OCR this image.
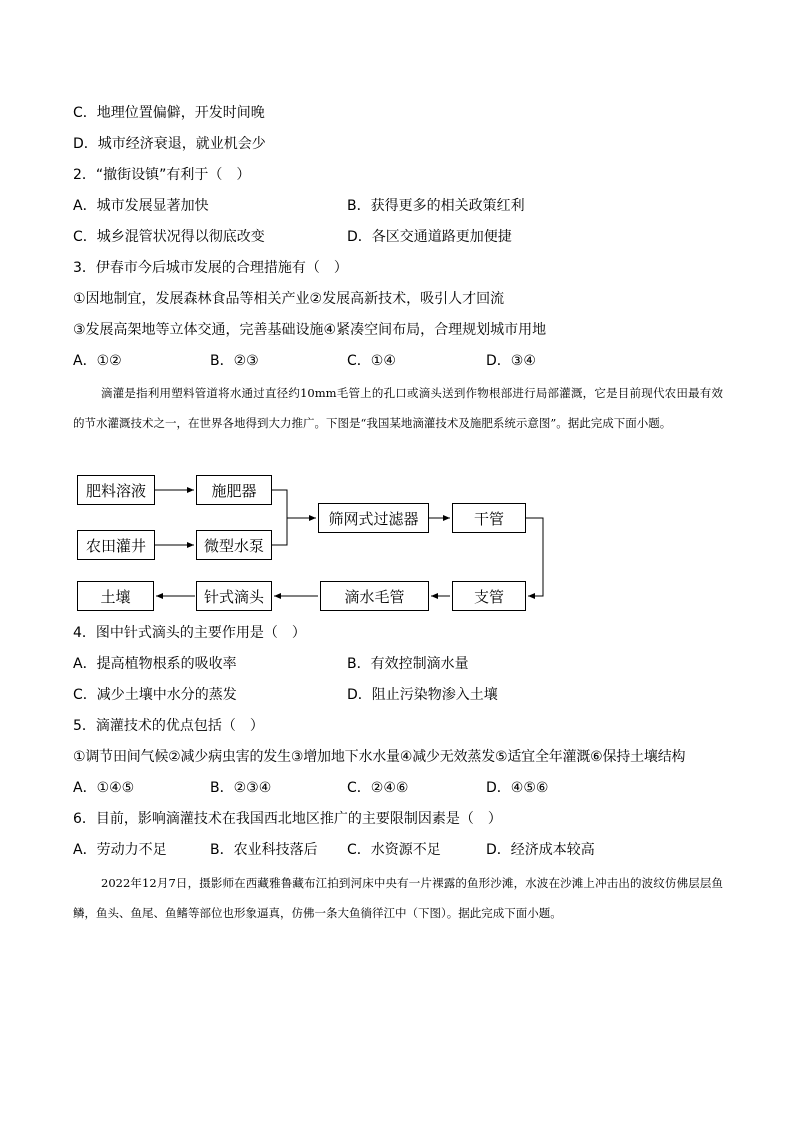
C．地理位置偏僻，开发时间晚
D．城市经济衰退，就业机会少
2．“撤街设镇”有利于（　）
A．城市发展显著加快	B．获得更多的相关政策红利
C．城乡混管状况得以彻底改变	D．各区交通道路更加便捷
3．伊春市今后城市发展的合理措施有（　）
①因地制宜，发展森林食品等相关产业②发展高新技术，吸引人才回流
③发展高架地等立体交通，完善基础设施④紧凑空间布局，合理规划城市用地
A．①②	B．②③	C．①④	D．③④
滴灌是指利用塑料管道将水通过直径约10mm毛管上的孔口或滴头送到作物根部进行局部灌溉，它是目前现代农田最有效的节水灌溉技术之一，在世界各地得到大力推广。下图是“我国某地滴灌技术及施肥系统示意图”。据此完成下面小题。
肥料溶液	施肥器
农田灌井	微型水泵
筛网式过滤器	干管
支管
滴水毛管
针式滴头
土壤
4．图中针式滴头的主要作用是（　）
A．提高植物根系的吸收率	B．有效控制滴水量
C．减少土壤中水分的蒸发	D．阻止污染物渗入土壤
5．滴灌技术的优点包括（　）
①调节田间气候②减少病虫害的发生③增加地下水水量④减少无效蒸发⑤适宜全年灌溉⑥保持土壤结构
A．①④⑤	B．②③④	C．②④⑥	D．④⑤⑥
6．目前，影响滴灌技术在我国西北地区推广的主要限制因素是（　）
A．劳动力不足	B．农业科技落后 C．水资源不足	D．经济成本较高
2022年12月7日，摄影师在西藏雅鲁藏布江拍到河床中央有一片裸露的鱼形沙滩，水波在沙滩上冲击出的波纹仿佛层层鱼鳞，鱼头、鱼尾、鱼鳍等部位也形象逼真，仿佛一条大鱼徜徉江中（下图）。据此完成下面小题。
